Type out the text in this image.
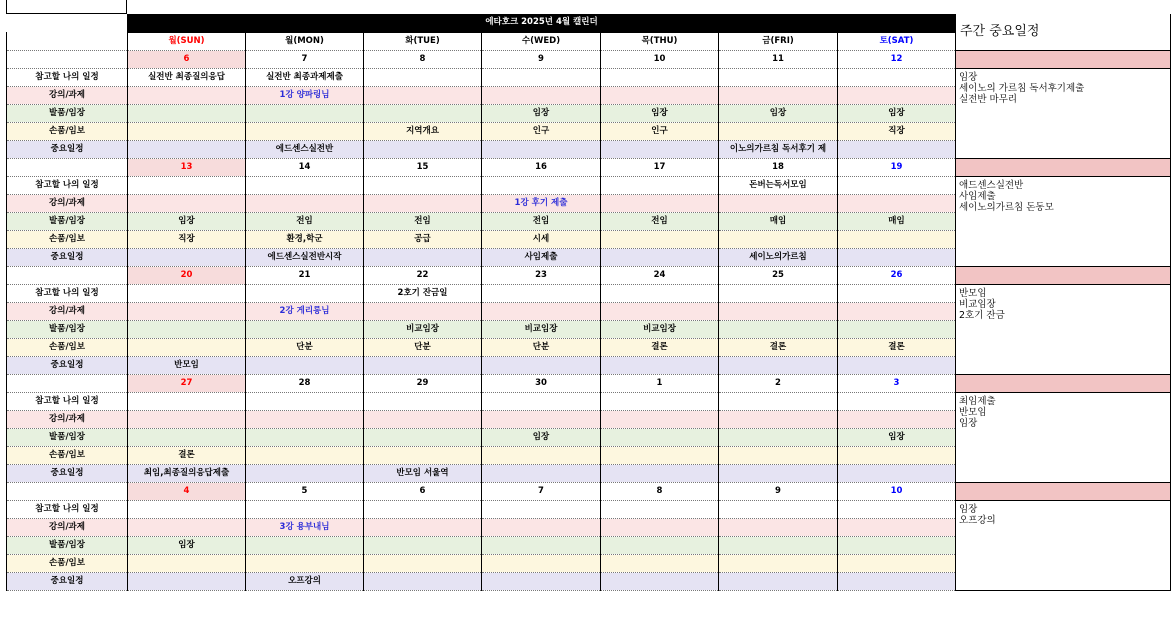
	에타호크 2025년 4월 캘린더							주간 중요일정
	월(SUN)	월(MON)	화(TUE)	수(WED)	목(THU)	금(FRI)	토(SAT)	
	6	7	8	9	10	11	12	
참고할 나의 일정	실전반 최종질의응답	실전반 최종과제제출						임장
세이노의 가르침 독서후기제출
실전반 마무리

강의/과제		1강 양파링님						
발품/임장				임장	임장	임장	임장	
손품/임보			지역개요	인구	인구		직장	
중요일정		에드센스실전반				이노의가르침 독서후기 제		
	13	14	15	16	17	18	19	
참고할 나의 일정						돈버는독서모임		애드센스실전반
사임제출
세이노의가르침 돈동모

강의/과제				1강 후기 제출				
발품/임장	임장	전임	전임	전임	전임	매임	매임	
손품/임보	직장	환경,학군	공급	시세				
중요일정		에드센스실전반시작		사임제출		세이노의가르침		
	20	21	22	23	24	25	26	
참고할 나의 일정			2호기 잔금일					반모임
비교임장
2호기 잔금

강의/과제		2강 게리롱님						
발품/임장			비교임장	비교임장	비교임장			
손품/임보		단분	단분	단분	결론	결론	결론	
중요일정	반모임							
	27	28	29	30	1	2	3	
참고할 나의 일정								최임제출
반모임
임장

강의/과제								
발품/임장				임장			임장	
손품/임보	결론							
중요일정	최임,최종질의응답제출		반모임 서울역					
	4	5	6	7	8	9	10	
참고할 나의 일정								임장
오프강의

강의/과제		3강 용부내님						
발품/임장	임장							
손품/임보								
중요일정		오프강의						
